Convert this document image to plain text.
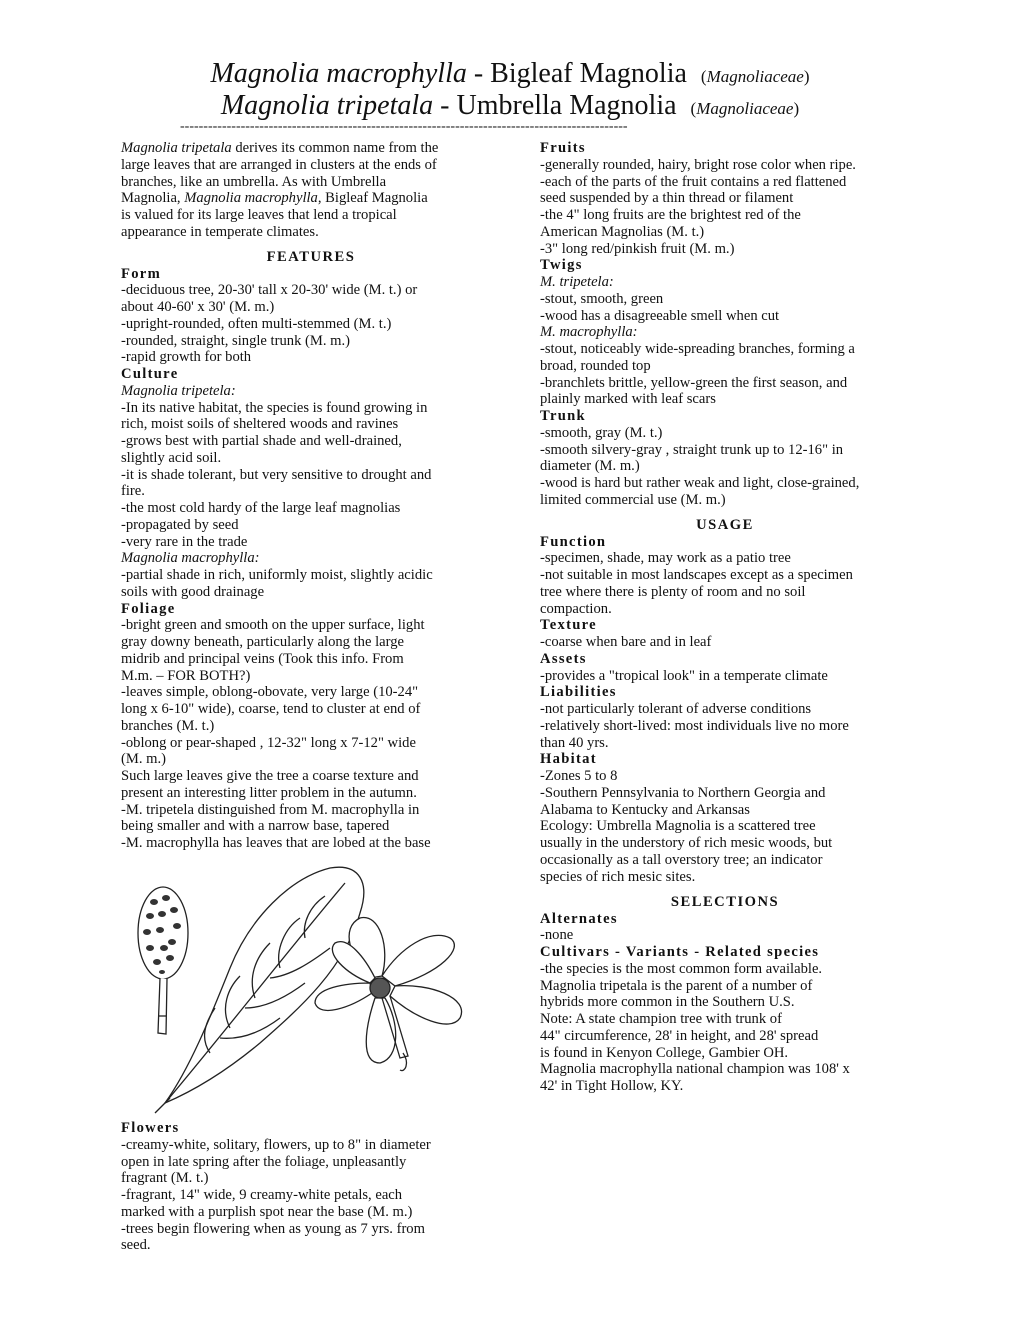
Magnolia macrophylla - Bigleaf Magnolia (Magnoliaceae)
Magnolia tripetala - Umbrella Magnolia (Magnoliaceae)
------------------------------------------------------------------------------------------------

Magnolia tripetala derives its common name from the

large leaves that are arranged in clusters at the ends of

branches, like an umbrella. As with Umbrella

Magnolia, Magnolia macrophylla, Bigleaf Magnolia

is valued for its large leaves that lend a tropical

appearance in temperate climates.

FEATURES

Form

-deciduous tree, 20-30' tall x 20-30' wide (M. t.) or

about 40-60' x 30' (M. m.)

-upright-rounded, often multi-stemmed (M. t.)

-rounded, straight, single trunk (M. m.)

-rapid growth for both

Culture

Magnolia tripetela:

-In its native habitat, the species is found growing in

rich, moist soils of sheltered woods and ravines

-grows best with partial shade and well-drained,

slightly acid soil.

-it is shade tolerant, but very sensitive to drought and

fire.

-the most cold hardy of the large leaf magnolias

-propagated by seed

-very rare in the trade

Magnolia macrophylla:

-partial shade in rich, uniformly moist, slightly acidic

soils with good drainage

Foliage

-bright green and smooth on the upper surface, light

gray downy beneath, particularly along the large

midrib and principal veins (Took this info. From

M.m. – FOR BOTH?)

-leaves simple, oblong-obovate, very large (10-24"

long x 6-10" wide), coarse, tend to cluster at end of

branches (M. t.)

-oblong or pear-shaped , 12-32" long x 7-12" wide

(M. m.)

Such large leaves give the tree a coarse texture and

present an interesting litter problem in the autumn.

-M. tripetela distinguished from M. macrophylla in

being smaller and with a narrow base, tapered

-M. macrophylla has leaves that are lobed at the base

Flowers

-creamy-white, solitary, flowers, up to 8" in diameter

open in late spring after the foliage, unpleasantly

fragrant (M. t.)

-fragrant, 14" wide, 9 creamy-white petals, each

marked with a purplish spot near the base (M. m.)

-trees begin flowering when as young as 7 yrs. from

seed.

Fruits

-generally rounded, hairy, bright rose color when ripe.

-each of the parts of the fruit contains a red flattened

seed suspended by a thin thread or filament

-the 4" long fruits are the brightest red of the

American Magnolias (M. t.)

-3" long red/pinkish fruit (M. m.)

Twigs

M. tripetela:

-stout, smooth, green

-wood has a disagreeable smell when cut

M. macrophylla:

-stout, noticeably wide-spreading branches, forming a

broad, rounded top

-branchlets brittle, yellow-green the first season, and

plainly marked with leaf scars

Trunk

-smooth, gray (M. t.)

-smooth silvery-gray , straight trunk up to 12-16" in

diameter (M. m.)

-wood is hard but rather weak and light, close-grained,

limited commercial use (M. m.)

USAGE

Function

-specimen, shade, may work as a patio tree

-not suitable in most landscapes except as a specimen

tree where there is plenty of room and no soil

compaction.

Texture

-coarse when bare and in leaf

Assets

-provides a "tropical look" in a temperate climate

Liabilities

-not particularly tolerant of adverse conditions

-relatively short-lived: most individuals live no more

than 40 yrs.

Habitat

-Zones 5 to 8

-Southern Pennsylvania to Northern Georgia and

Alabama to Kentucky and Arkansas

Ecology: Umbrella Magnolia is a scattered tree

usually in the understory of rich mesic woods, but

occasionally as a tall overstory tree; an indicator

species of rich mesic sites.

SELECTIONS

Alternates

-none

Cultivars - Variants - Related species

-the species is the most common form available.

Magnolia tripetala is the parent of a number of

hybrids more common in the Southern U.S.

Note: A state champion tree with trunk of

44" circumference, 28' in height, and 28' spread

is found in Kenyon College, Gambier OH.

Magnolia macrophylla national champion was 108' x

42' in Tight Hollow, KY.
